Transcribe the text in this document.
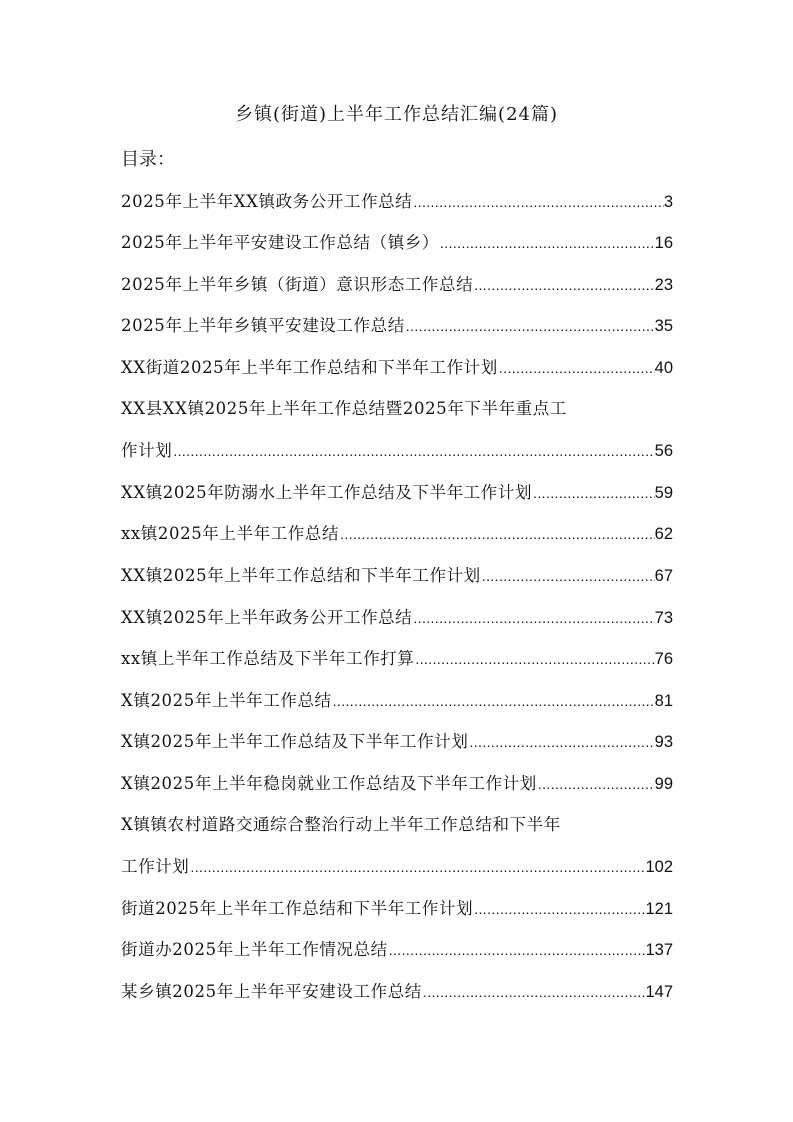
乡镇(街道)上半年工作总结汇编(24篇)
目录：
2025年上半年XX镇政务公开工作总结 .....	3
2025年上半年平安建设工作总结（镇乡） .....	16
2025年上半年乡镇（街道）意识形态工作总结 .....	23
2025年上半年乡镇平安建设工作总结 .....	35
XX街道2025年上半年工作总结和下半年工作计划 .....	40
XX县XX镇2025年上半年工作总结暨2025年下半年重点工
作计划 .....	56
XX镇2025年防溺水上半年工作总结及下半年工作计划 .....	59
xx镇2025年上半年工作总结 .....	62
XX镇2025年上半年工作总结和下半年工作计划 .....	67
XX镇2025年上半年政务公开工作总结 .....	73
xx镇上半年工作总结及下半年工作打算 .....	76
X镇2025年上半年工作总结 .....	81
X镇2025年上半年工作总结及下半年工作计划 .....	93
X镇2025年上半年稳岗就业工作总结及下半年工作计划 .....	99
X镇镇农村道路交通综合整治行动上半年工作总结和下半年
工作计划 .....	102
街道2025年上半年工作总结和下半年工作计划 .....	121
街道办2025年上半年工作情况总结 .....	137
某乡镇2025年上半年平安建设工作总结 .....	147
